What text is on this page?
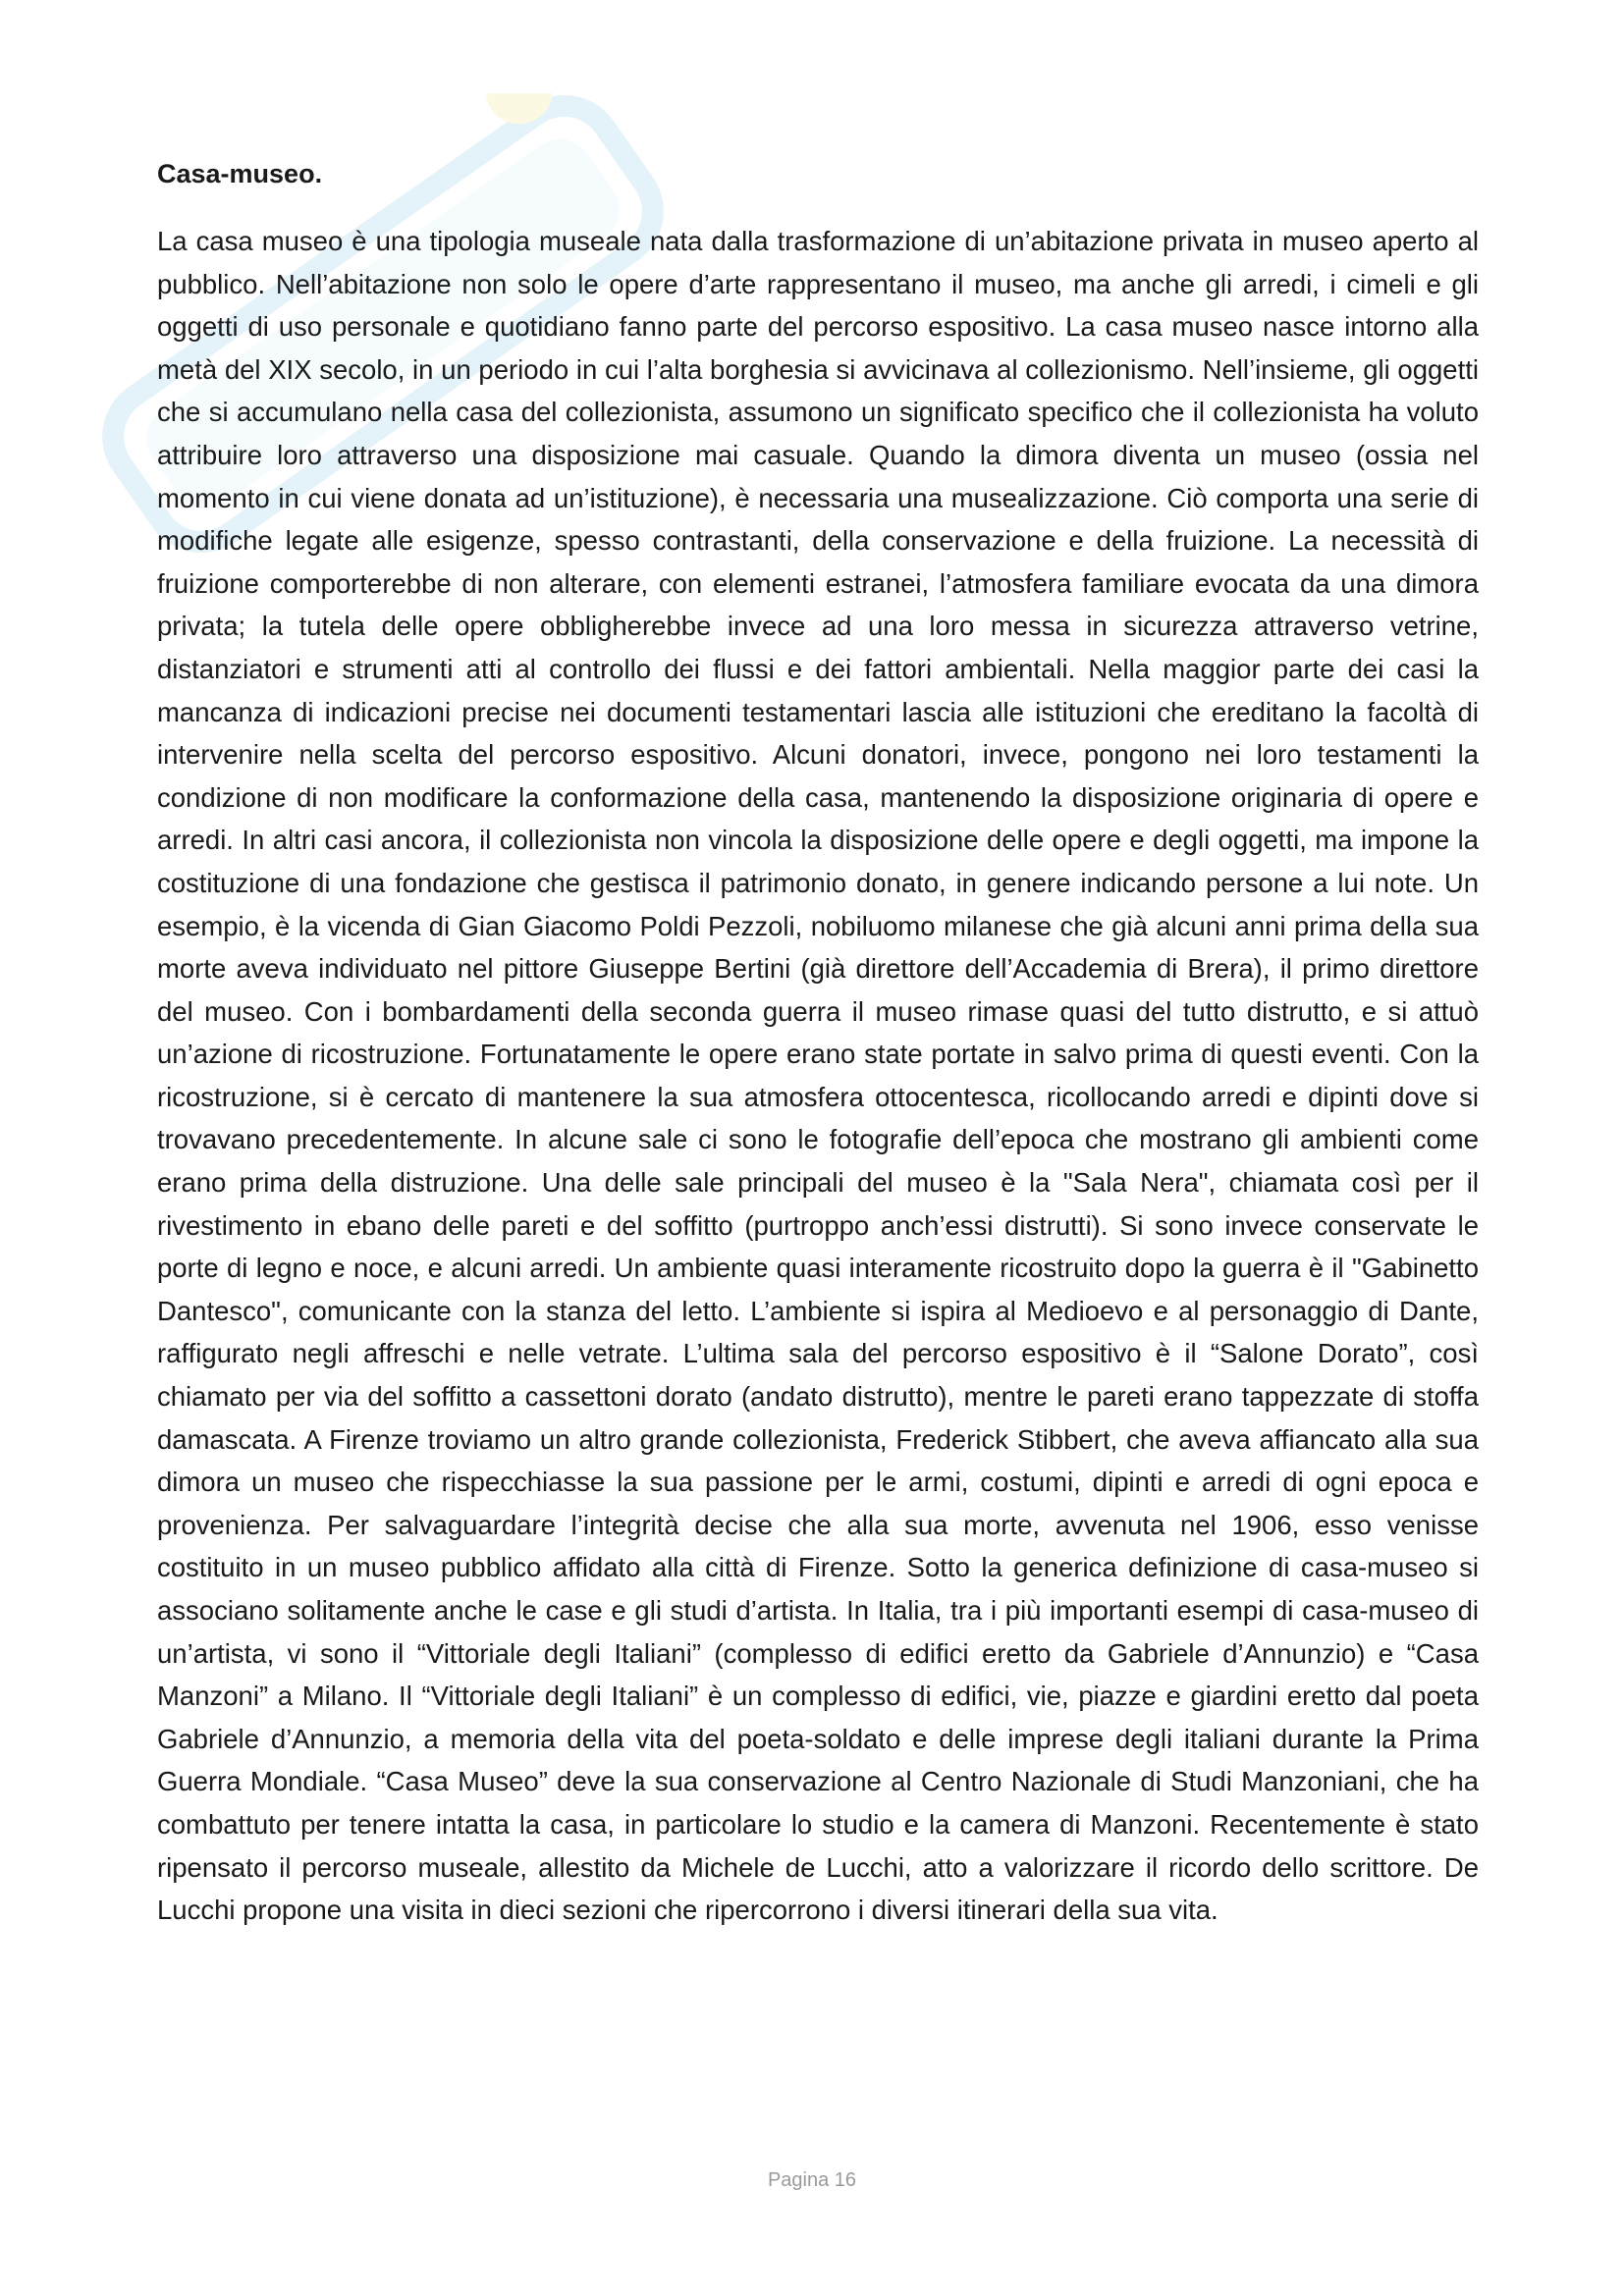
Casa-museo.

La casa museo è una tipologia museale nata dalla trasformazione di un’abitazione privata in museo aperto al pubblico. Nell’abitazione non solo le opere d’arte rappresentano il museo, ma anche gli arredi, i cimeli e gli oggetti di uso personale e quotidiano fanno parte del percorso espositivo. La casa museo nasce intorno alla metà del XIX secolo, in un periodo in cui l’alta borghesia si avvicinava al collezionismo. Nell’insieme, gli oggetti che si accumulano nella casa del collezionista, assumono un significato specifico che il collezionista ha voluto attribuire loro attraverso una disposizione mai casuale. Quando la dimora diventa un museo (ossia nel momento in cui viene donata ad un’istituzione), è necessaria una musealizzazione. Ciò comporta una serie di modifiche legate alle esigenze, spesso contrastanti, della conservazione e della fruizione. La necessità di fruizione comporterebbe di non alterare, con elementi estranei, l’atmosfera familiare evocata da una dimora privata; la tutela delle opere obbligherebbe invece ad una loro messa in sicurezza attraverso vetrine, distanziatori e strumenti atti al controllo dei flussi e dei fattori ambientali. Nella maggior parte dei casi la mancanza di indicazioni precise nei documenti testamentari lascia alle istituzioni che ereditano la facoltà di intervenire nella scelta del percorso espositivo. Alcuni donatori, invece, pongono nei loro testamenti la condizione di non modificare la conformazione della casa, mantenendo la disposizione originaria di opere e arredi. In altri casi ancora, il collezionista non vincola la disposizione delle opere e degli oggetti, ma impone la costituzione di una fondazione che gestisca il patrimonio donato, in genere indicando persone a lui note. Un esempio, è la vicenda di Gian Giacomo Poldi Pezzoli, nobiluomo milanese che già alcuni anni prima della sua morte aveva individuato nel pittore Giuseppe Bertini (già direttore dell’Accademia di Brera), il primo direttore del museo. Con i bombardamenti della seconda guerra il museo rimase quasi del tutto distrutto, e si attuò un’azione di ricostruzione. Fortunatamente le opere erano state portate in salvo prima di questi eventi. Con la ricostruzione, si è cercato di mantenere la sua atmosfera ottocentesca, ricollocando arredi e dipinti dove si trovavano precedentemente. In alcune sale ci sono le fotografie dell’epoca che mostrano gli ambienti come erano prima della distruzione. Una delle sale principali del museo è la "Sala Nera", chiamata così per il rivestimento in ebano delle pareti e del soffitto (purtroppo anch’essi distrutti). Si sono invece conservate le porte di legno e noce, e alcuni arredi. Un ambiente quasi interamente ricostruito dopo la guerra è il "Gabinetto Dantesco", comunicante con la stanza del letto. L’ambiente si ispira al Medioevo e al personaggio di Dante, raffigurato negli affreschi e nelle vetrate. L’ultima sala del percorso espositivo è il “Salone Dorato”, così chiamato per via del soffitto a cassettoni dorato (andato distrutto), mentre le pareti erano tappezzate di stoffa damascata. A Firenze troviamo un altro grande collezionista, Frederick Stibbert, che aveva affiancato alla sua dimora un museo che rispecchiasse la sua passione per le armi, costumi, dipinti e arredi di ogni epoca e provenienza. Per salvaguardare l’integrità decise che alla sua morte, avvenuta nel 1906, esso venisse costituito in un museo pubblico affidato alla città di Firenze. Sotto la generica definizione di casa-museo si associano solitamente anche le case e gli studi d’artista. In Italia, tra i più importanti esempi di casa-museo di un’artista, vi sono il “Vittoriale degli Italiani” (complesso di edifici eretto da Gabriele d’Annunzio) e “Casa Manzoni” a Milano. Il “Vittoriale degli Italiani” è un complesso di edifici, vie, piazze e giardini eretto dal poeta Gabriele d’Annunzio, a memoria della vita del poeta-soldato e delle imprese degli italiani durante la Prima Guerra Mondiale. “Casa Museo” deve la sua conservazione al Centro Nazionale di Studi Manzoniani, che ha combattuto per tenere intatta la casa, in particolare lo studio e la camera di Manzoni. Recentemente è stato ripensato il percorso museale, allestito da Michele de Lucchi, atto a valorizzare il ricordo dello scrittore. De Lucchi propone una visita in dieci sezioni che ripercorrono i diversi itinerari della sua vita.

Pagina 16
